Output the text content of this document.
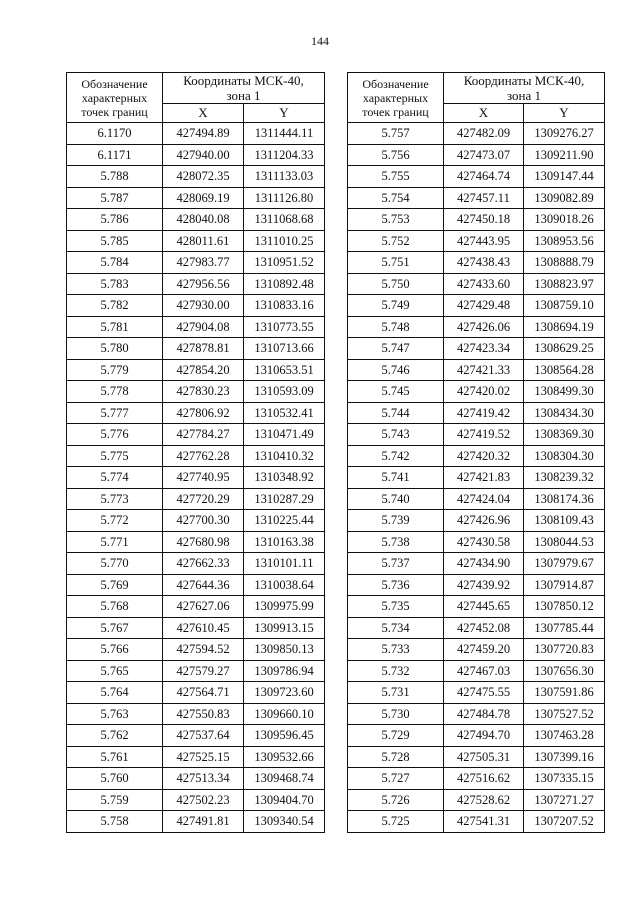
144
Обозначение
характерных
точек границ	Координаты МСК-40,
зона 1	
	X	Y
6.1170	427494.89	1311444.11
6.1171	427940.00	1311204.33
5.788	428072.35	1311133.03
5.787	428069.19	1311126.80
5.786	428040.08	1311068.68
5.785	428011.61	1311010.25
5.784	427983.77	1310951.52
5.783	427956.56	1310892.48
5.782	427930.00	1310833.16
5.781	427904.08	1310773.55
5.780	427878.81	1310713.66
5.779	427854.20	1310653.51
5.778	427830.23	1310593.09
5.777	427806.92	1310532.41
5.776	427784.27	1310471.49
5.775	427762.28	1310410.32
5.774	427740.95	1310348.92
5.773	427720.29	1310287.29
5.772	427700.30	1310225.44
5.771	427680.98	1310163.38
5.770	427662.33	1310101.11
5.769	427644.36	1310038.64
5.768	427627.06	1309975.99
5.767	427610.45	1309913.15
5.766	427594.52	1309850.13
5.765	427579.27	1309786.94
5.764	427564.71	1309723.60
5.763	427550.83	1309660.10
5.762	427537.64	1309596.45
5.761	427525.15	1309532.66
5.760	427513.34	1309468.74
5.759	427502.23	1309404.70
5.758	427491.81	1309340.54
Обозначение
характерных
точек границ	Координаты МСК-40,
зона 1	
	X	Y
5.757	427482.09	1309276.27
5.756	427473.07	1309211.90
5.755	427464.74	1309147.44
5.754	427457.11	1309082.89
5.753	427450.18	1309018.26
5.752	427443.95	1308953.56
5.751	427438.43	1308888.79
5.750	427433.60	1308823.97
5.749	427429.48	1308759.10
5.748	427426.06	1308694.19
5.747	427423.34	1308629.25
5.746	427421.33	1308564.28
5.745	427420.02	1308499.30
5.744	427419.42	1308434.30
5.743	427419.52	1308369.30
5.742	427420.32	1308304.30
5.741	427421.83	1308239.32
5.740	427424.04	1308174.36
5.739	427426.96	1308109.43
5.738	427430.58	1308044.53
5.737	427434.90	1307979.67
5.736	427439.92	1307914.87
5.735	427445.65	1307850.12
5.734	427452.08	1307785.44
5.733	427459.20	1307720.83
5.732	427467.03	1307656.30
5.731	427475.55	1307591.86
5.730	427484.78	1307527.52
5.729	427494.70	1307463.28
5.728	427505.31	1307399.16
5.727	427516.62	1307335.15
5.726	427528.62	1307271.27
5.725	427541.31	1307207.52
